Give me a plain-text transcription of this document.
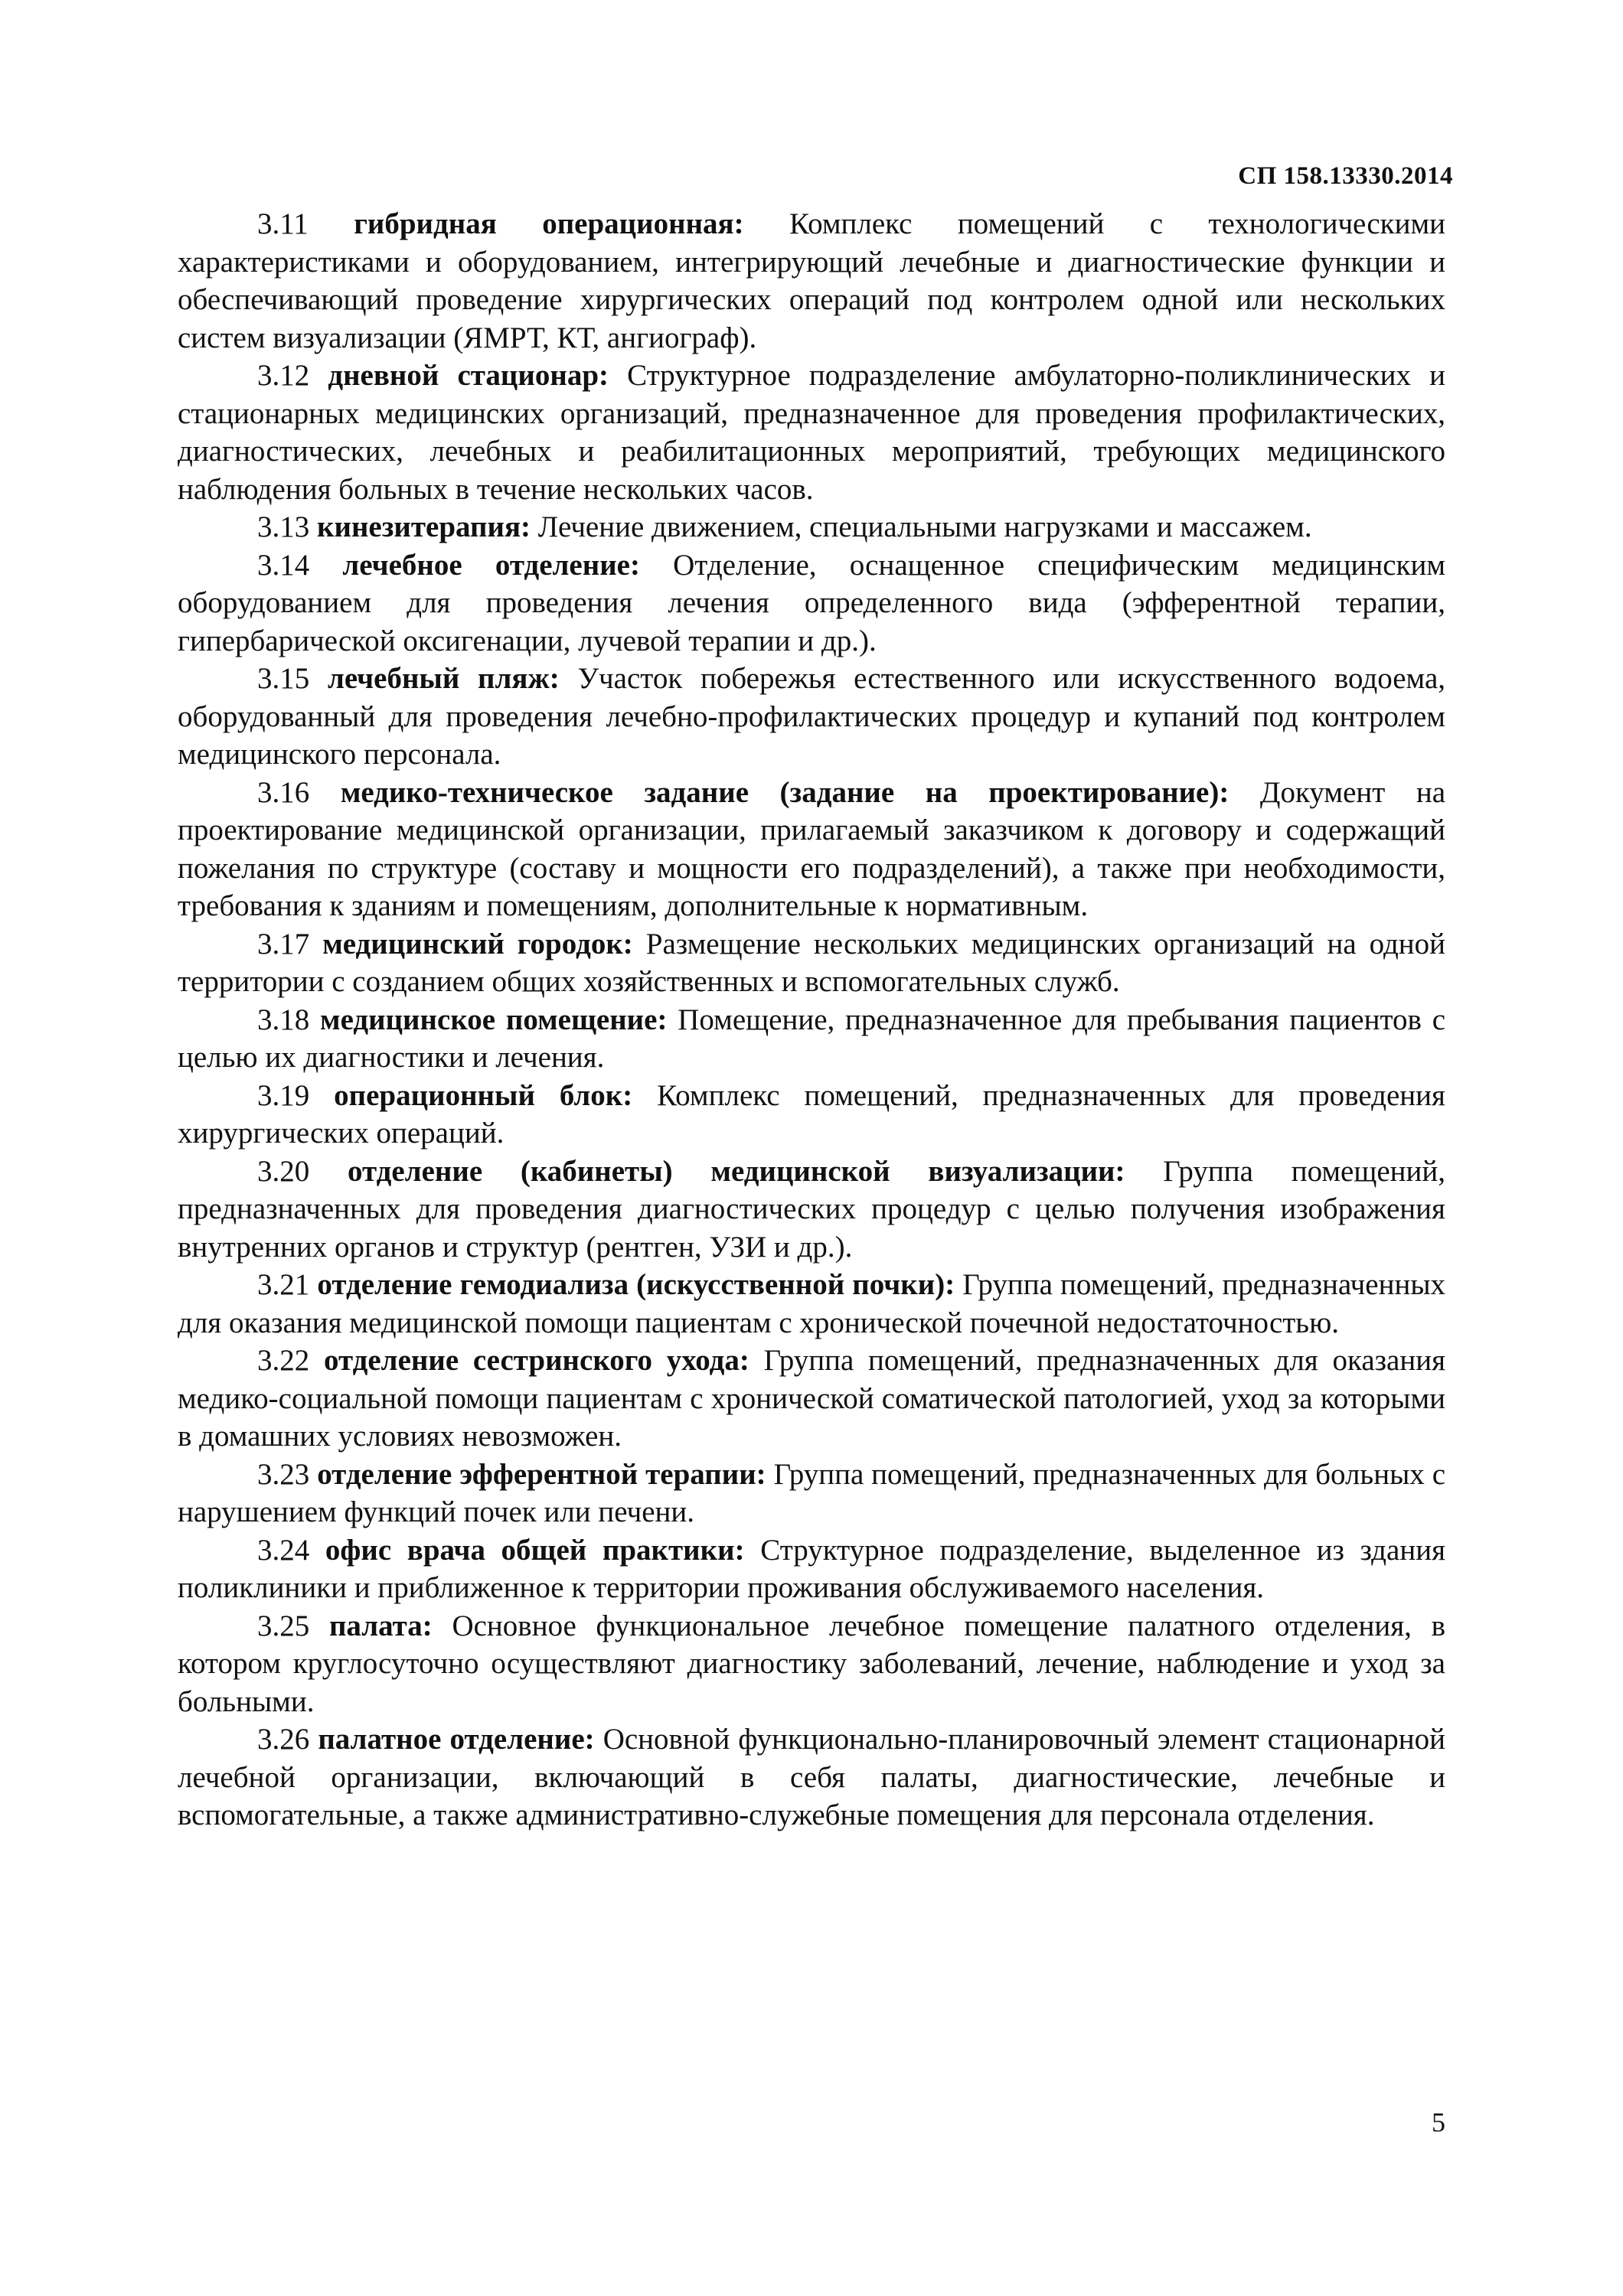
СП 158.13330.2014

3.11 гибридная операционная: Комплекс помещений с технологическими характеристиками и оборудованием, интегрирующий лечебные и диагностические функции и обеспечивающий проведение хирургических операций под контролем одной или нескольких систем визуализации (ЯМРТ, КТ, ангиограф).

3.12 дневной стационар: Структурное подразделение амбулаторно-поликлинических и стационарных медицинских организаций, предназначенное для проведения профилактических, диагностических, лечебных и реабилитационных мероприятий, требующих медицинского наблюдения больных в течение нескольких часов.

3.13 кинезитерапия: Лечение движением, специальными нагрузками и массажем.

3.14 лечебное отделение: Отделение, оснащенное специфическим медицинским оборудованием для проведения лечения определенного вида (эфферентной терапии, гипербарической оксигенации, лучевой терапии и др.).

3.15 лечебный пляж: Участок побережья естественного или искусственного водоема, оборудованный для проведения лечебно-профилактических процедур и купаний под контролем медицинского персонала.

3.16 медико-техническое задание (задание на проектирование): Документ на проектирование медицинской организации, прилагаемый заказчиком к договору и содержащий пожелания по структуре (составу и мощности его подразделений), а также при необходимости, требования к зданиям и помещениям, дополнительные к нормативным.

3.17 медицинский городок: Размещение нескольких медицинских организаций на одной территории с созданием общих хозяйственных и вспомогательных служб.

3.18 медицинское помещение: Помещение, предназначенное для пребывания пациентов с целью их диагностики и лечения.

3.19 операционный блок: Комплекс помещений, предназначенных для проведения хирургических операций.

3.20 отделение (кабинеты) медицинской визуализации: Группа помещений, предназначенных для проведения диагностических процедур с целью получения изображения внутренних органов и структур (рентген, УЗИ и др.).

3.21 отделение гемодиализа (искусственной почки): Группа помещений, предназначенных для оказания медицинской помощи пациентам с хронической почечной недостаточностью.

3.22 отделение сестринского ухода: Группа помещений, предназначенных для оказания медико-социальной помощи пациентам с хронической соматической патологией, уход за которыми в домашних условиях невозможен.

3.23 отделение эфферентной терапии: Группа помещений, предназначенных для больных с нарушением функций почек или печени.

3.24 офис врача общей практики: Структурное подразделение, выделенное из здания поликлиники и приближенное к территории проживания обслуживаемого населения.

3.25 палата: Основное функциональное лечебное помещение палатного отделения, в котором круглосуточно осуществляют диагностику заболеваний, лечение, наблюдение и уход за больными.

3.26 палатное отделение: Основной функционально-планировочный элемент стационарной лечебной организации, включающий в себя палаты, диагностические, лечебные и вспомогательные, а также административно-служебные помещения для персонала отделения.

5
